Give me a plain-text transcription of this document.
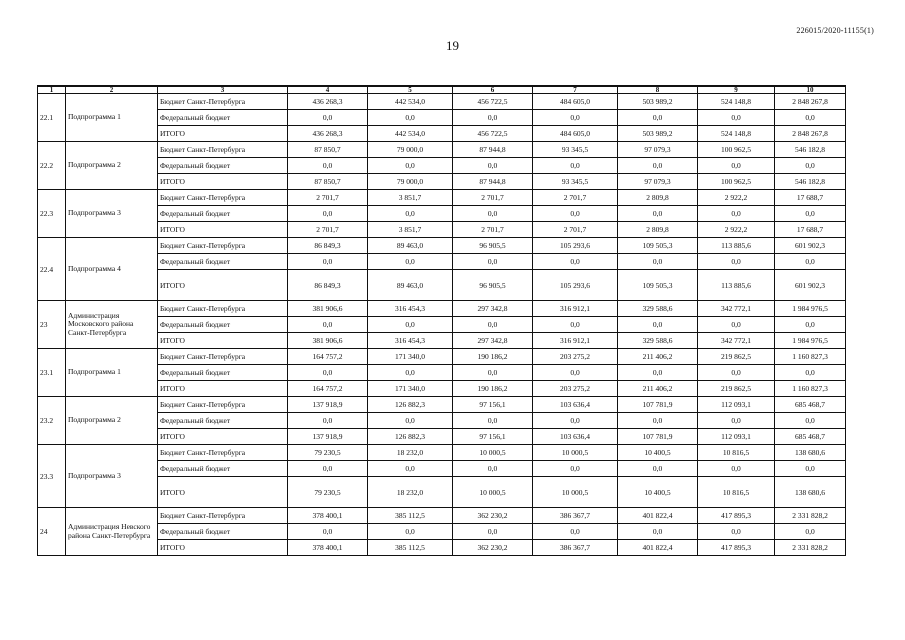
226015/2020-11155(1)
19
1	2	3	4	5	6	7	8	9	10
22.1	Подпрограмма 1	Бюджет Санкт-Петербурга	436 268,3	442 534,0	456 722,5	484 605,0	503 989,2	524 148,8	2 848 267,8
		Федеральный бюджет	0,0	0,0	0,0	0,0	0,0	0,0	0,0
		ИТОГО	436 268,3	442 534,0	456 722,5	484 605,0	503 989,2	524 148,8	2 848 267,8
22.2	Подпрограмма 2	Бюджет Санкт-Петербурга	87 850,7	79 000,0	87 944,8	93 345,5	97 079,3	100 962,5	546 182,8
		Федеральный бюджет	0,0	0,0	0,0	0,0	0,0	0,0	0,0
		ИТОГО	87 850,7	79 000,0	87 944,8	93 345,5	97 079,3	100 962,5	546 182,8
22.3	Подпрограмма 3	Бюджет Санкт-Петербурга	2 701,7	3 851,7	2 701,7	2 701,7	2 809,8	2 922,2	17 688,7
		Федеральный бюджет	0,0	0,0	0,0	0,0	0,0	0,0	0,0
		ИТОГО	2 701,7	3 851,7	2 701,7	2 701,7	2 809,8	2 922,2	17 688,7
22.4	Подпрограмма 4	Бюджет Санкт-Петербурга	86 849,3	89 463,0	96 905,5	105 293,6	109 505,3	113 885,6	601 902,3
		Федеральный бюджет	0,0	0,0	0,0	0,0	0,0	0,0	0,0
		ИТОГО	86 849,3	89 463,0	96 905,5	105 293,6	109 505,3	113 885,6	601 902,3
23	Администрация Московского района Санкт-Петербурга	Бюджет Санкт-Петербурга	381 906,6	316 454,3	297 342,8	316 912,1	329 588,6	342 772,1	1 984 976,5
		Федеральный бюджет	0,0	0,0	0,0	0,0	0,0	0,0	0,0
		ИТОГО	381 906,6	316 454,3	297 342,8	316 912,1	329 588,6	342 772,1	1 984 976,5
23.1	Подпрограмма 1	Бюджет Санкт-Петербурга	164 757,2	171 340,0	190 186,2	203 275,2	211 406,2	219 862,5	1 160 827,3
		Федеральный бюджет	0,0	0,0	0,0	0,0	0,0	0,0	0,0
		ИТОГО	164 757,2	171 340,0	190 186,2	203 275,2	211 406,2	219 862,5	1 160 827,3
23.2	Подпрограмма 2	Бюджет Санкт-Петербурга	137 918,9	126 882,3	97 156,1	103 636,4	107 781,9	112 093,1	685 468,7
		Федеральный бюджет	0,0	0,0	0,0	0,0	0,0	0,0	0,0
		ИТОГО	137 918,9	126 882,3	97 156,1	103 636,4	107 781,9	112 093,1	685 468,7
23.3	Подпрограмма 3	Бюджет Санкт-Петербурга	79 230,5	18 232,0	10 000,5	10 000,5	10 400,5	10 816,5	138 680,6
		Федеральный бюджет	0,0	0,0	0,0	0,0	0,0	0,0	0,0
		ИТОГО	79 230,5	18 232,0	10 000,5	10 000,5	10 400,5	10 816,5	138 680,6
24	Администрация Невского района Санкт-Петербурга	Бюджет Санкт-Петербурга	378 400,1	385 112,5	362 230,2	386 367,7	401 822,4	417 895,3	2 331 828,2
		Федеральный бюджет	0,0	0,0	0,0	0,0	0,0	0,0	0,0
		ИТОГО	378 400,1	385 112,5	362 230,2	386 367,7	401 822,4	417 895,3	2 331 828,2
